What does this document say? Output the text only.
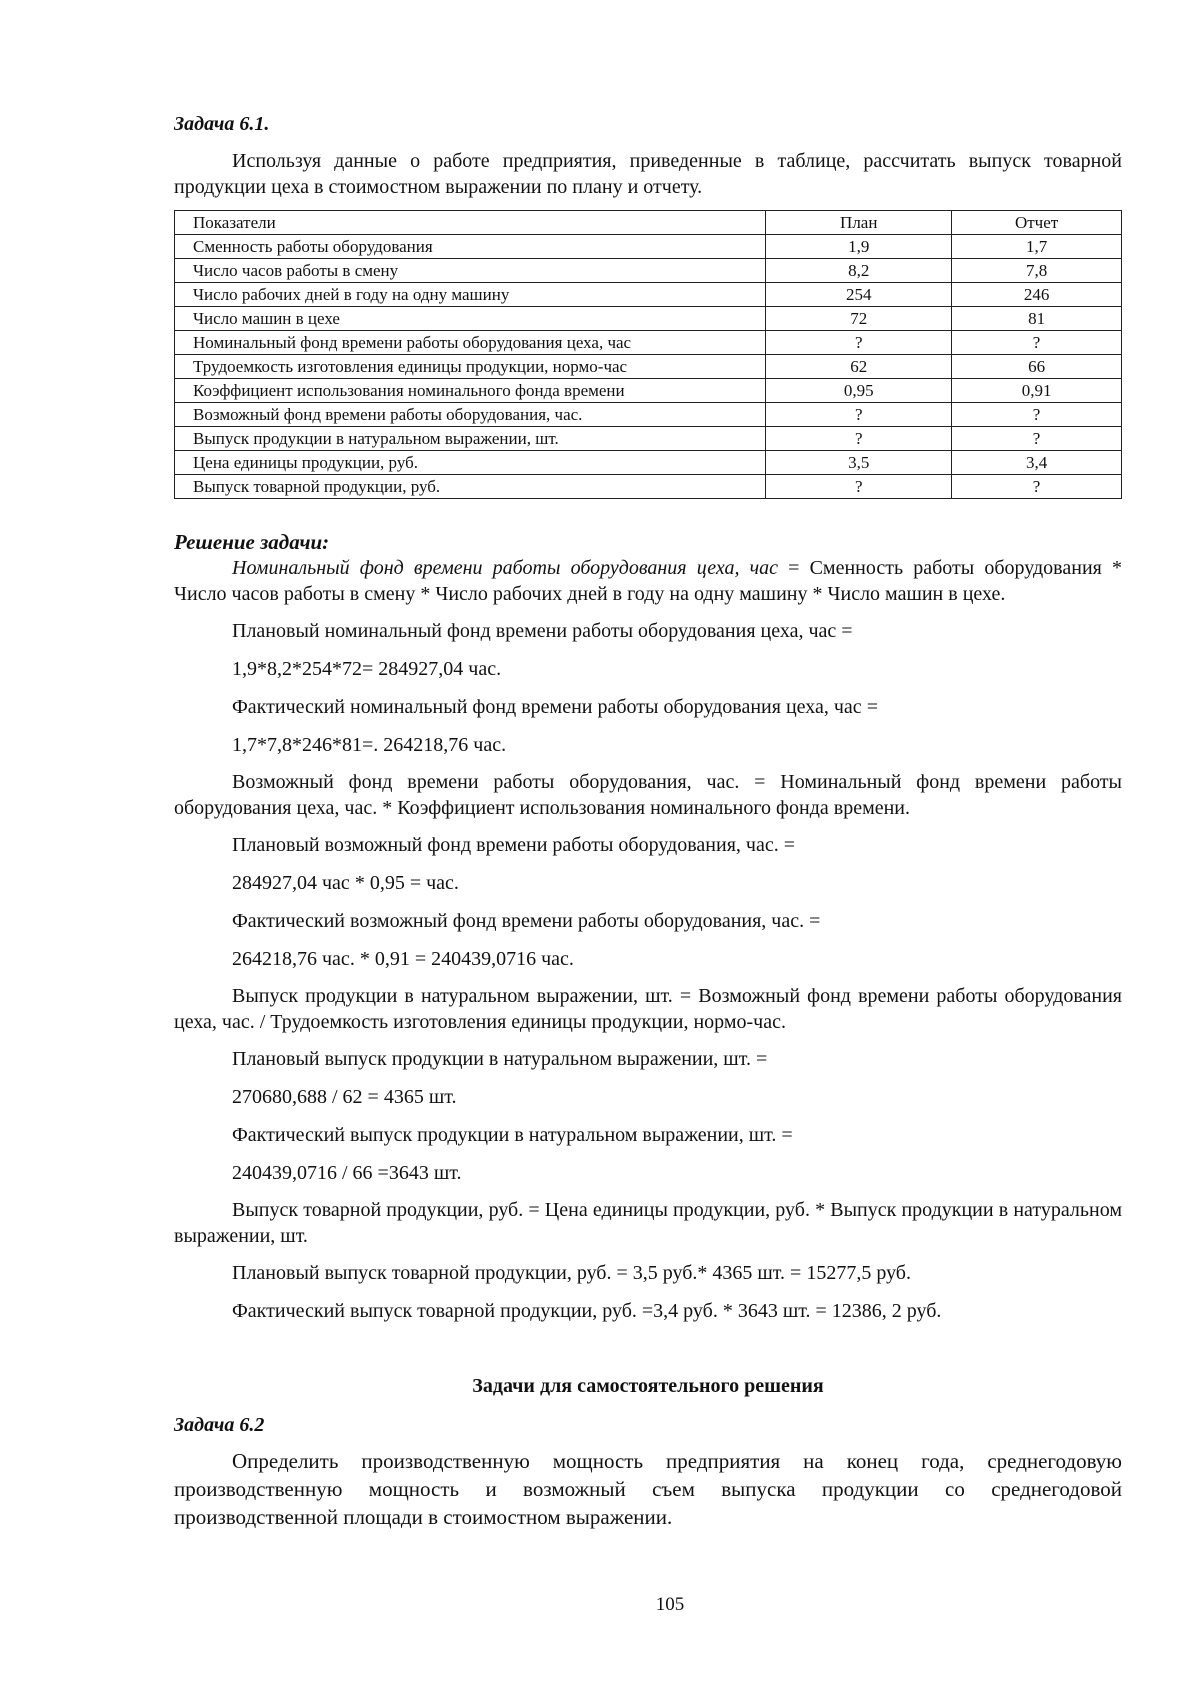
Задача 6.1.

Используя данные о работе предприятия, приведенные в таблице, рассчитать выпуск товарной продукции цеха в стоимостном выражении по плану и отчету.

Показатели	План	Отчет
Сменность работы оборудования	1,9	1,7
Число часов работы в смену	8,2	7,8
Число рабочих дней в году на одну машину	254	246
Число машин в цехе	72	81
Номинальный фонд времени работы оборудования цеха, час	?	?
Трудоемкость изготовления единицы продукции, нормо-час	62	66
Коэффициент использования номинального фонда времени	0,95	0,91
Возможный фонд времени работы оборудования, час.	?	?
Выпуск продукции в натуральном выражении, шт.	?	?
Цена единицы продукции, руб.	3,5	3,4
Выпуск товарной продукции, руб.	?	?
Решение задачи:

Номинальный фонд времени работы оборудования цеха, час = Сменность работы оборудования * Число часов работы в смену * Число рабочих дней в году на одну машину * Число машин в цехе.

Плановый номинальный фонд времени работы оборудования цеха, час =

1,9*8,2*254*72= 284927,04 час.

Фактический номинальный фонд времени работы оборудования цеха, час =

1,7*7,8*246*81=. 264218,76 час.

Возможный фонд времени работы оборудования, час. = Номинальный фонд времени работы оборудования цеха, час. * Коэффициент использования номинального фонда времени.

Плановый возможный фонд времени работы оборудования, час. =

284927,04 час * 0,95 = час.

Фактический возможный фонд времени работы оборудования, час. =

264218,76 час. * 0,91 = 240439,0716 час.

Выпуск продукции в натуральном выражении, шт. = Возможный фонд времени работы оборудования цеха, час. / Трудоемкость изготовления единицы продукции, нормо-час.

Плановый выпуск продукции в натуральном выражении, шт. =

270680,688 / 62 = 4365 шт.

Фактический выпуск продукции в натуральном выражении, шт. =

240439,0716 / 66 =3643 шт.

Выпуск товарной продукции, руб. = Цена единицы продукции, руб. * Выпуск продукции в натуральном выражении, шт.

Плановый выпуск товарной продукции, руб. = 3,5 руб.* 4365 шт. = 15277,5 руб.

Фактический выпуск товарной продукции, руб. =3,4 руб. * 3643 шт. = 12386, 2 руб.

Задачи для самостоятельного решения
Задача 6.2

Определить производственную мощность предприятия на конец года, среднегодовую производственную мощность и возможный съем выпуска продукции со среднегодовой производственной площади в стоимостном выражении.

105
